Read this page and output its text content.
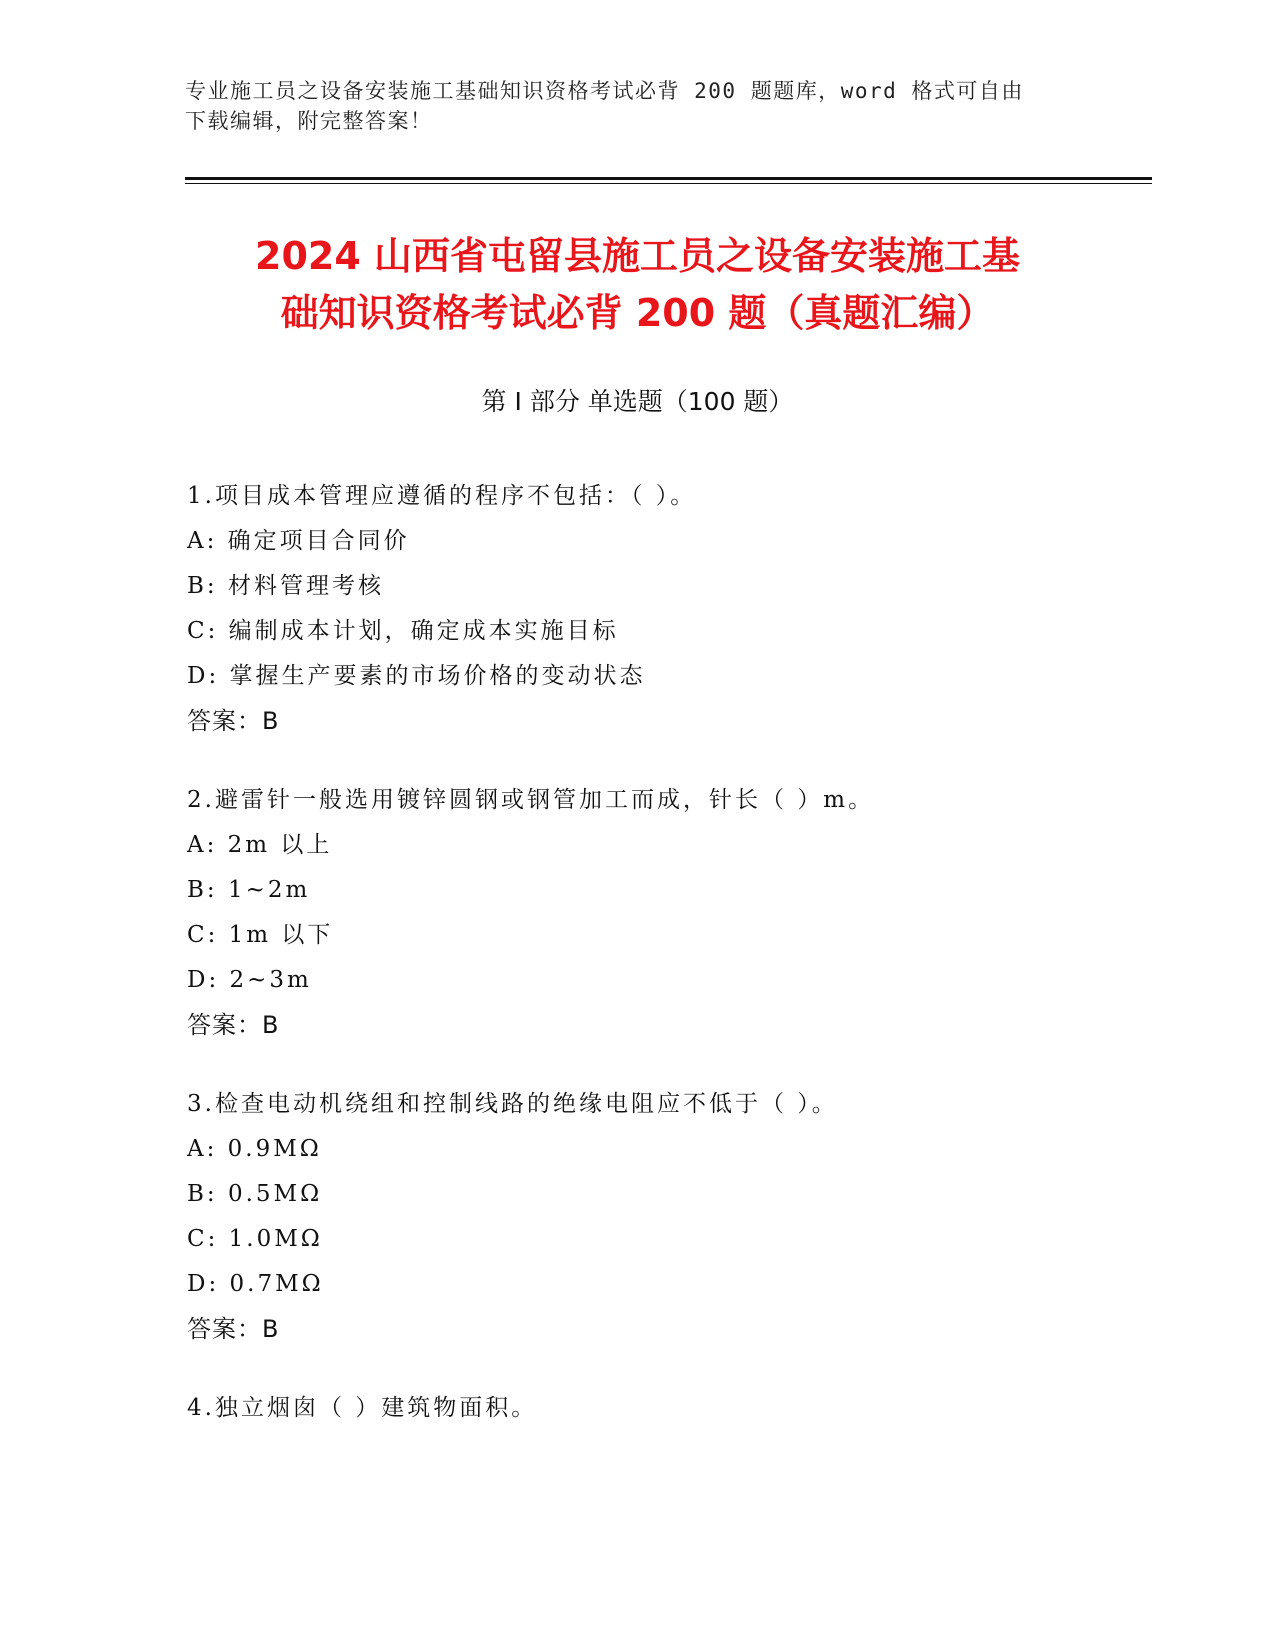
专业施工员之设备安装施工基础知识资格考试必背 200 题题库，word 格式可自由
下载编辑，附完整答案！
2024 山西省屯留县施工员之设备安装施工基
础知识资格考试必背 200 题（真题汇编）
第 I 部分 单选题（100 题）
1.项目成本管理应遵循的程序不包括：（ ）。
A: 确定项目合同价
B: 材料管理考核
C: 编制成本计划，确定成本实施目标
D: 掌握生产要素的市场价格的变动状态
答案：B
2.避雷针一般选用镀锌圆钢或钢管加工而成，针长（ ）m。
A: 2m 以上
B: 1~2m
C: 1m 以下
D: 2~3m
答案：B
3.检查电动机绕组和控制线路的绝缘电阻应不低于（ ）。
A: 0.9MΩ
B: 0.5MΩ
C: 1.0MΩ
D: 0.7MΩ
答案：B
4.独立烟囱（ ）建筑物面积。
